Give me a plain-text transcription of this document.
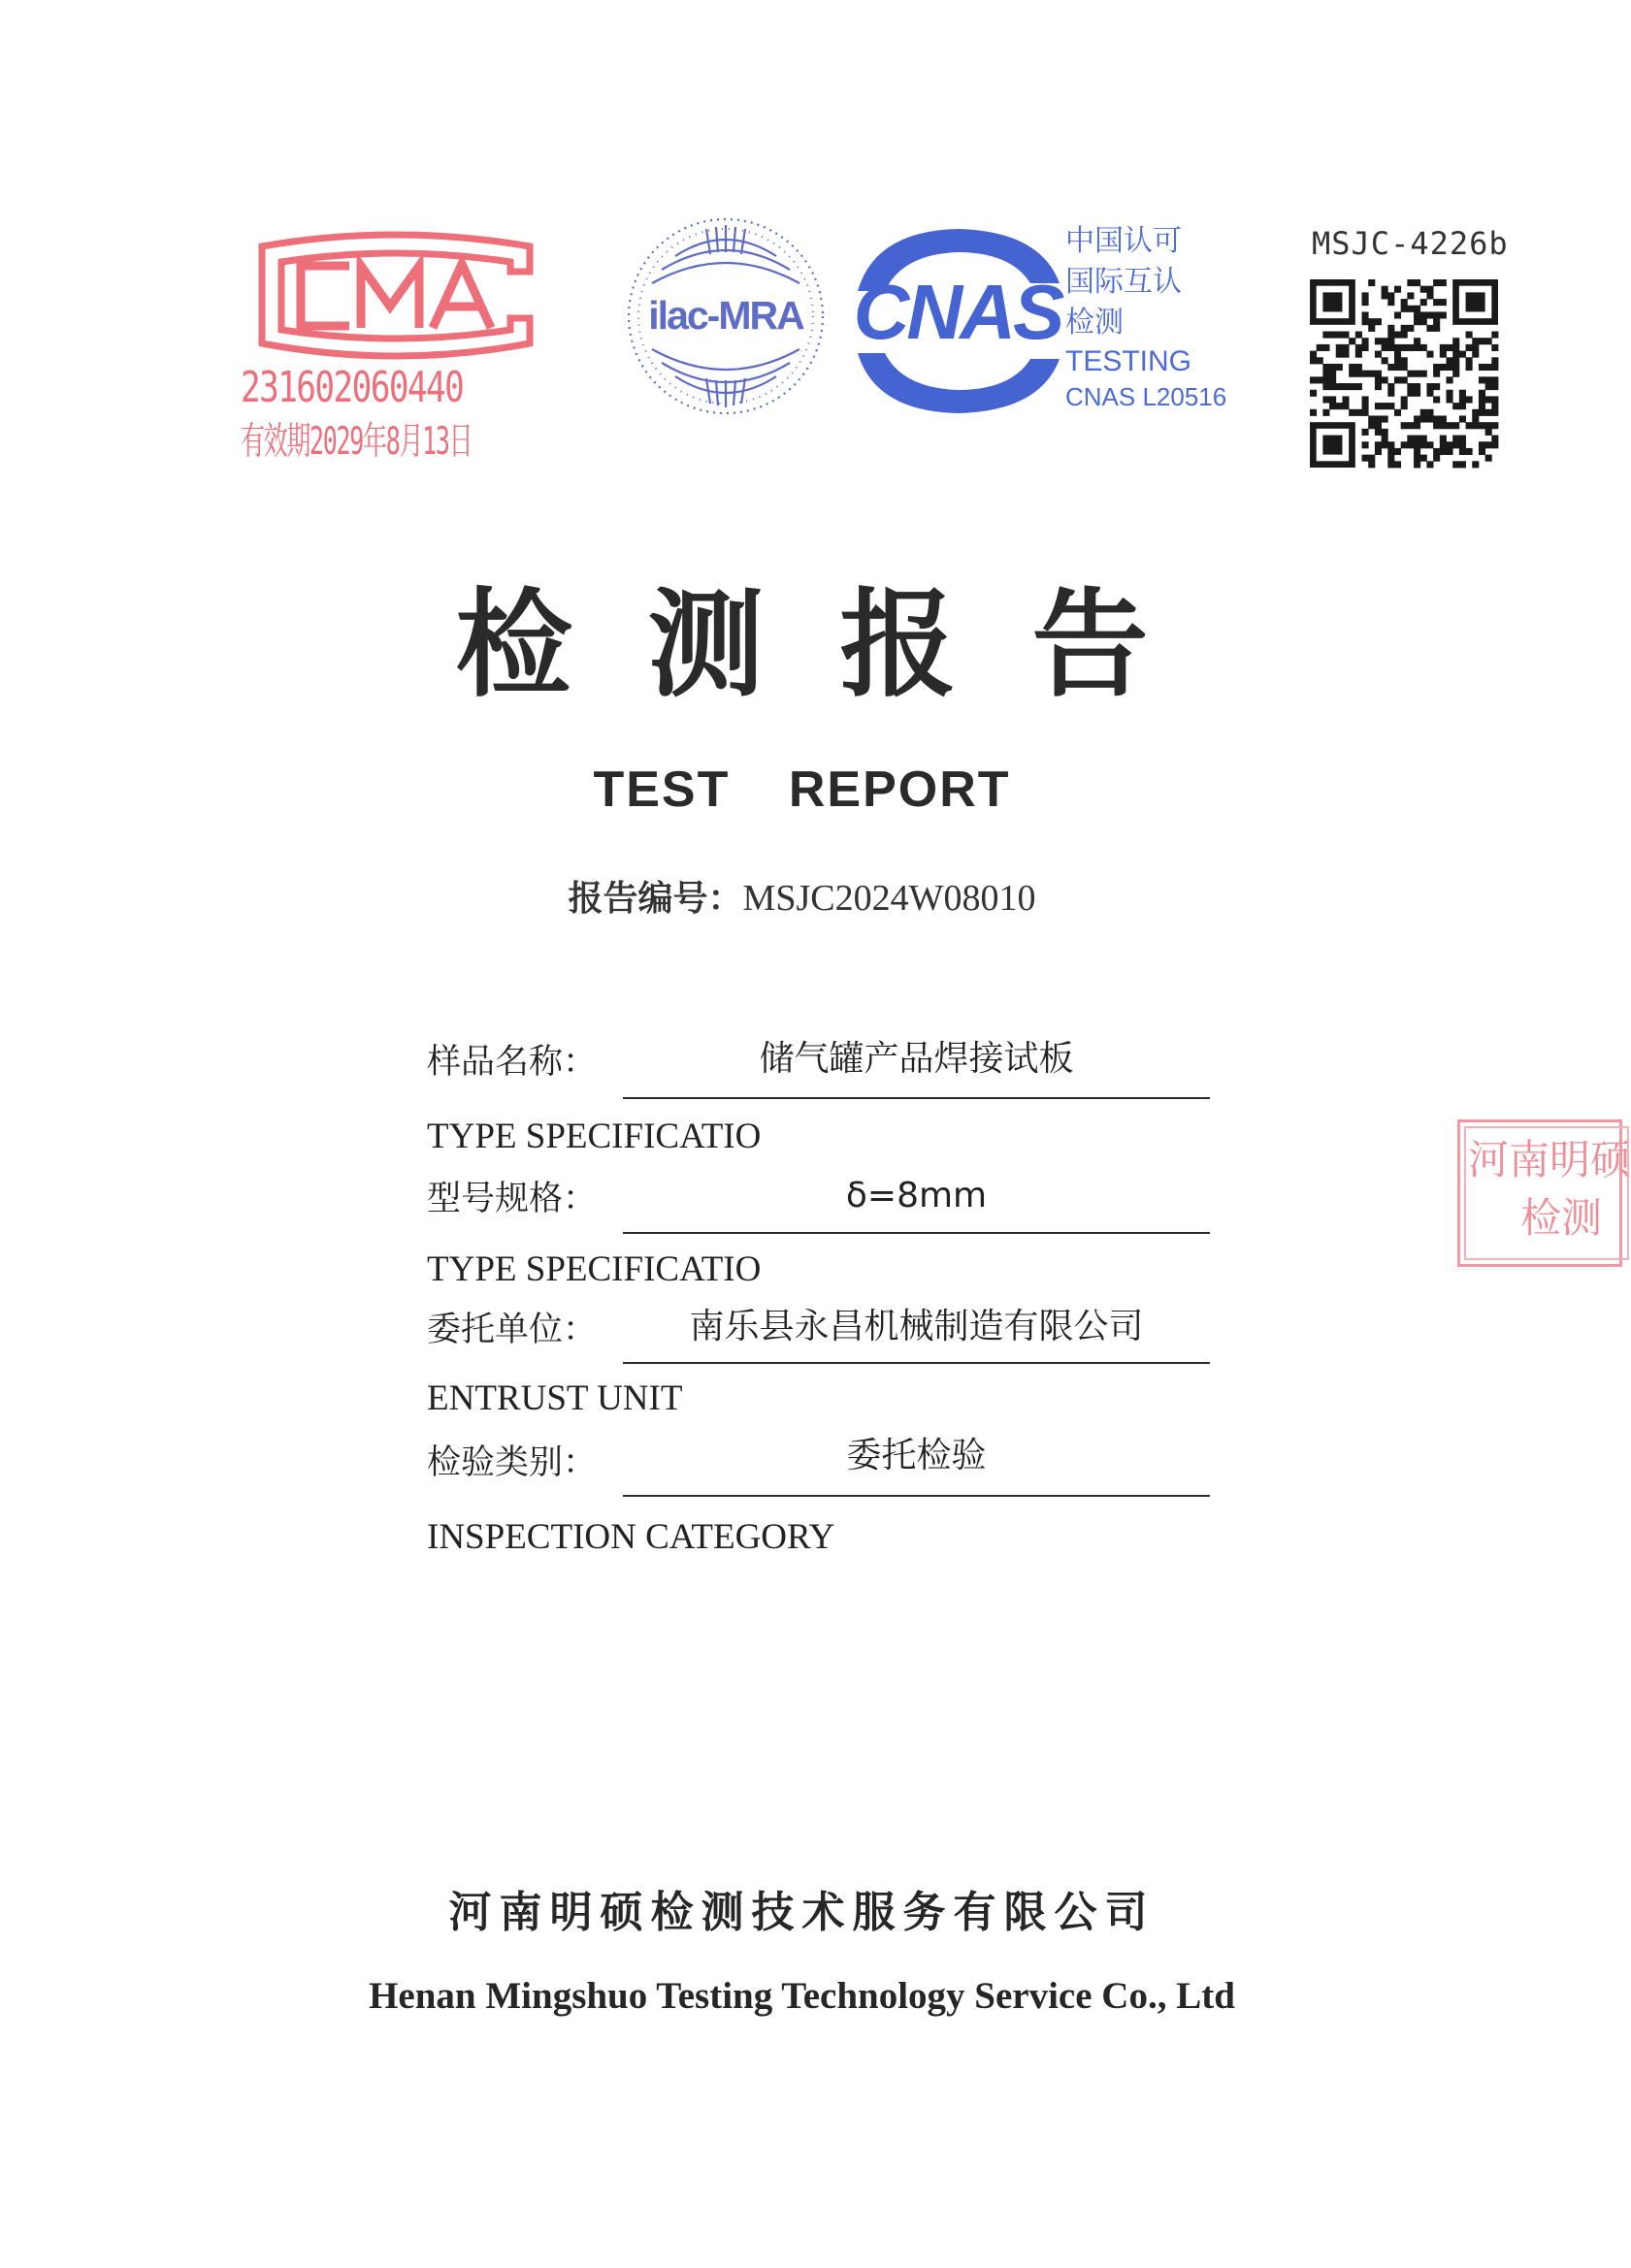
231602060440
有效期2029年8月13日
ilac-MRA CNAS
中国认可
国际互认
检测
TESTING
CNAS L20516
MSJC-4226b
检测报告
TEST REPORT
报告编号：MSJC2024W08010
样品名称：	储气罐产品焊接试板
TYPE SPECIFICATIO
型号规格：	δ=8mm
TYPE SPECIFICATIO
委托单位：	南乐县永昌机械制造有限公司
ENTRUST UNIT
检验类别：	委托检验
INSPECTION CATEGORY
河南明硕
检测
河南明硕检测技术服务有限公司
Henan Mingshuo Testing Technology Service Co., Ltd
